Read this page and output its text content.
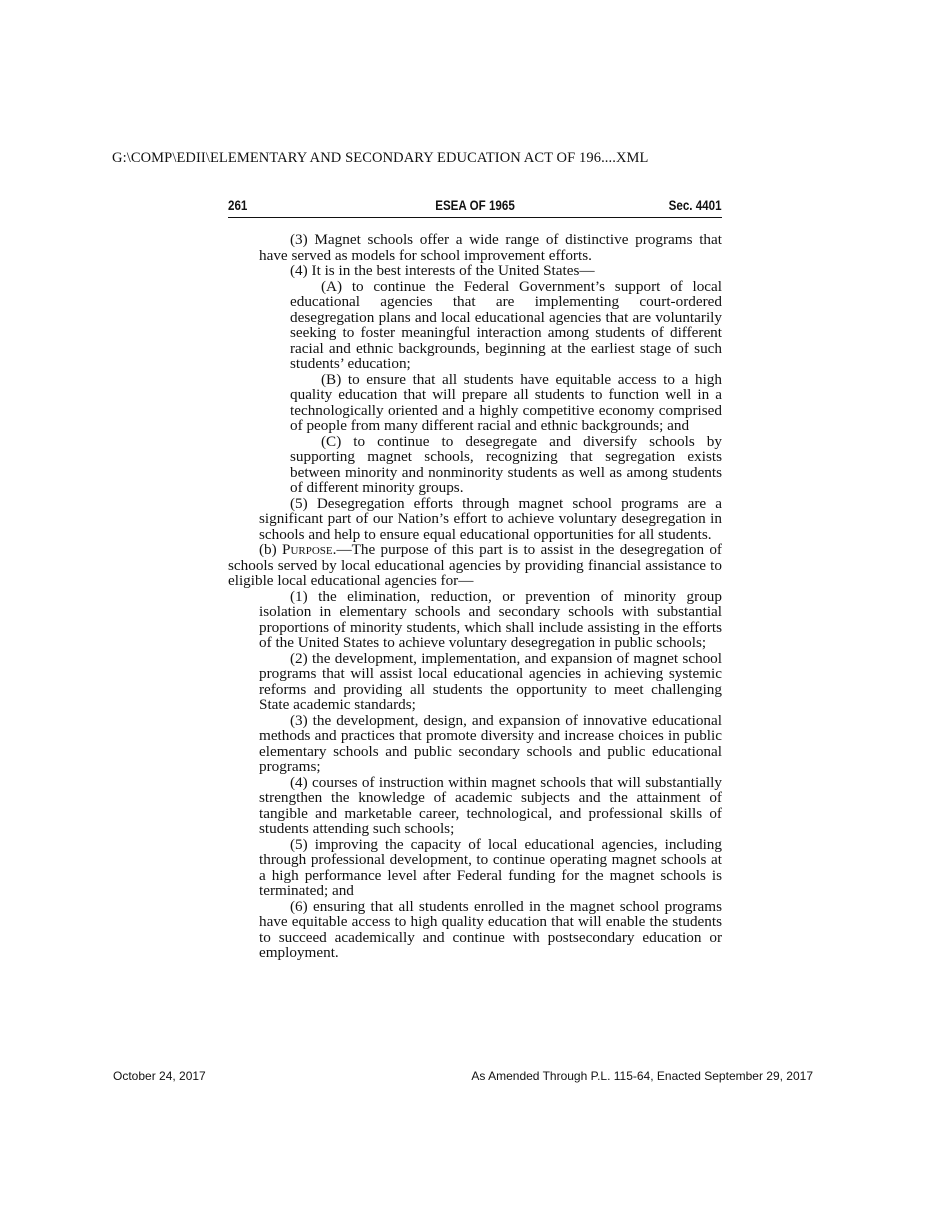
G:\COMP\EDII\ELEMENTARY AND SECONDARY EDUCATION ACT OF 196....XML
261	ESEA OF 1965	Sec. 4401

(3) Magnet schools offer a wide range of distinctive programs that have served as models for school improvement efforts.

(4) It is in the best interests of the United States—

(A) to continue the Federal Government’s support of local educational agencies that are implementing court-ordered desegregation plans and local educational agencies that are voluntarily seeking to foster meaningful interaction among students of different racial and ethnic backgrounds, beginning at the earliest stage of such students’ education;

(B) to ensure that all students have equitable access to a high quality education that will prepare all students to function well in a technologically oriented and a highly competitive economy comprised of people from many different racial and ethnic backgrounds; and

(C) to continue to desegregate and diversify schools by supporting magnet schools, recognizing that segregation exists between minority and nonminority students as well as among students of different minority groups.

(5) Desegregation efforts through magnet school programs are a significant part of our Nation’s effort to achieve voluntary desegregation in schools and help to ensure equal educational opportunities for all students.

(b) Purpose.—The purpose of this part is to assist in the desegregation of schools served by local educational agencies by providing financial assistance to eligible local educational agencies for—

(1) the elimination, reduction, or prevention of minority group isolation in elementary schools and secondary schools with substantial proportions of minority students, which shall include assisting in the efforts of the United States to achieve voluntary desegregation in public schools;

(2) the development, implementation, and expansion of magnet school programs that will assist local educational agencies in achieving systemic reforms and providing all students the opportunity to meet challenging State academic standards;

(3) the development, design, and expansion of innovative educational methods and practices that promote diversity and increase choices in public elementary schools and public secondary schools and public educational programs;

(4) courses of instruction within magnet schools that will substantially strengthen the knowledge of academic subjects and the attainment of tangible and marketable career, technological, and professional skills of students attending such schools;

(5) improving the capacity of local educational agencies, including through professional development, to continue operating magnet schools at a high performance level after Federal funding for the magnet schools is terminated; and

(6) ensuring that all students enrolled in the magnet school programs have equitable access to high quality education that will enable the students to succeed academically and continue with postsecondary education or employment.

October 24, 2017	As Amended Through P.L. 115-64, Enacted September 29, 2017
